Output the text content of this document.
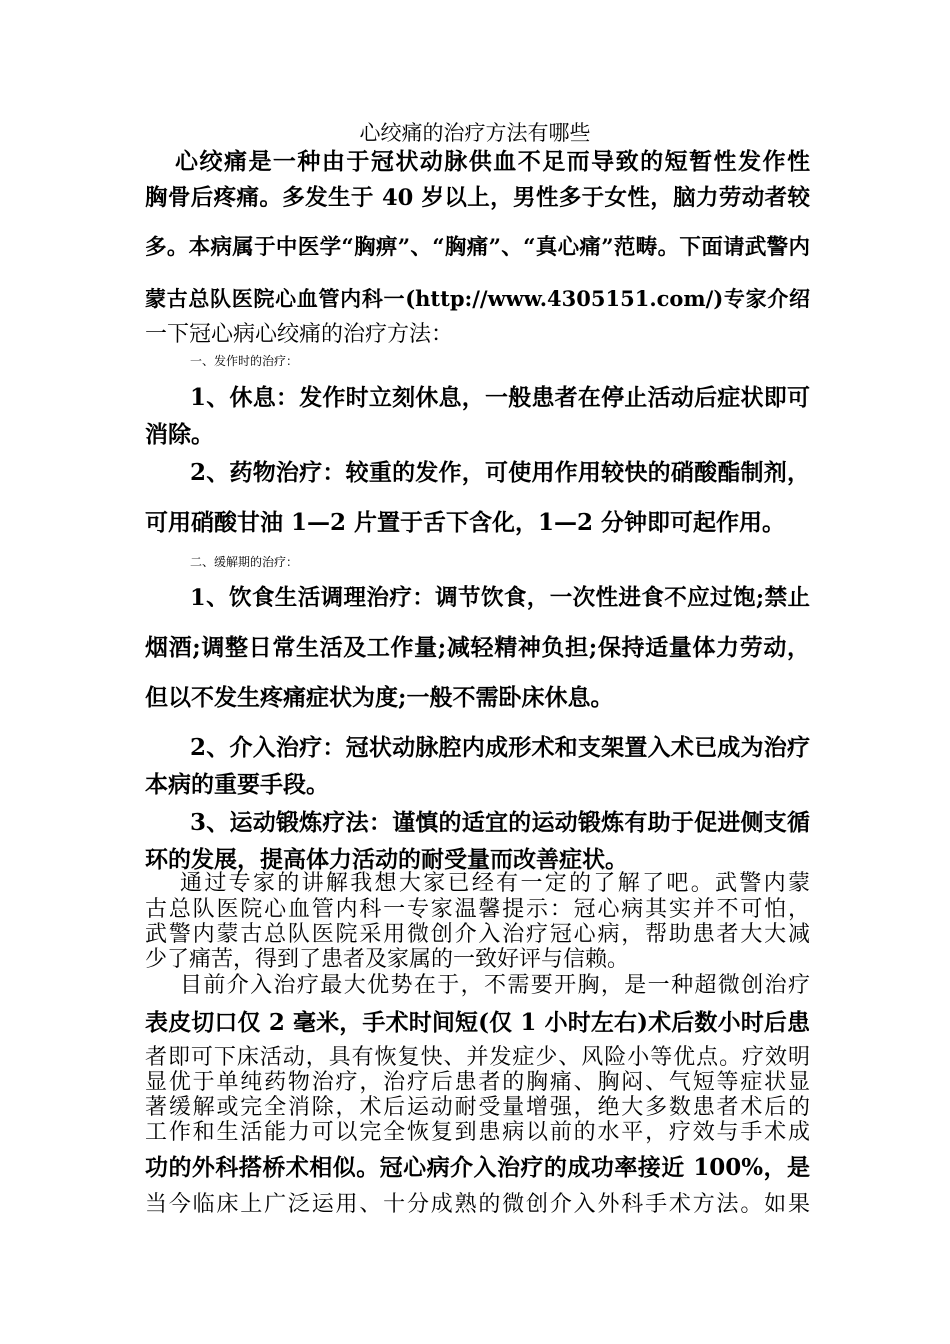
心绞痛的治疗方法有哪些

心绞痛是一种由于冠状动脉供血不足而导致的短暂性发作性

胸骨后疼痛。多发生于 40 岁以上，男性多于女性，脑力劳动者较

多。本病属于中医学“胸痹”、“胸痛”、“真心痛”范畴。下面请武警内

蒙古总队医院心血管内科一(http://www.4305151.com/)专家介绍

一下冠心病心绞痛的治疗方法：

一、发作时的治疗：

1、休息：发作时立刻休息，一般患者在停止活动后症状即可

消除。

2、药物治疗：较重的发作，可使用作用较快的硝酸酯制剂，

可用硝酸甘油 1—2 片置于舌下含化，1—2 分钟即可起作用。

二、缓解期的治疗：

1、饮食生活调理治疗：调节饮食，一次性进食不应过饱;禁止

烟酒;调整日常生活及工作量;减轻精神负担;保持适量体力劳动，

但以不发生疼痛症状为度;一般不需卧床休息。

2、介入治疗：冠状动脉腔内成形术和支架置入术已成为治疗

本病的重要手段。

3、运动锻炼疗法：谨慎的适宜的运动锻炼有助于促进侧支循

环的发展，提高体力活动的耐受量而改善症状。

通过专家的讲解我想大家已经有一定的了解了吧。武警内蒙

古总队医院心血管内科一专家温馨提示：冠心病其实并不可怕，

武警内蒙古总队医院采用微创介入治疗冠心病，帮助患者大大减

少了痛苦，得到了患者及家属的一致好评与信赖。

目前介入治疗最大优势在于，不需要开胸，是一种超微创治疗

表皮切口仅 2 毫米，手术时间短(仅 1 小时左右)术后数小时后患

者即可下床活动，具有恢复快、并发症少、风险小等优点。疗效明

显优于单纯药物治疗，治疗后患者的胸痛、胸闷、气短等症状显

著缓解或完全消除，术后运动耐受量增强，绝大多数患者术后的

工作和生活能力可以完全恢复到患病以前的水平，疗效与手术成

功的外科搭桥术相似。冠心病介入治疗的成功率接近 100%，是

当今临床上广泛运用、十分成熟的微创介入外科手术方法。如果
